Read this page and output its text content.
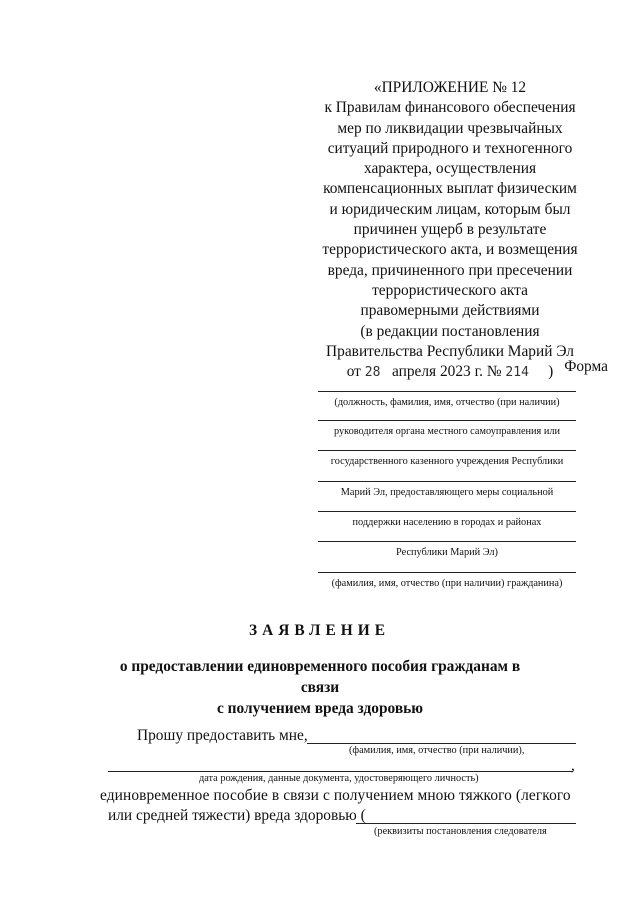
«ПРИЛОЖЕНИЕ № 12
к Правилам финансового обеспечения
мер по ликвидации чрезвычайных
ситуаций природного и техногенного
характера, осуществления
компенсационных выплат физическим
и юридическим лицам, которым был
причинен ущерб в результате
террористического акта, и возмещения
вреда, причиненного при пресечении
террористического акта
правомерными действиями
(в редакции постановления
Правительства Республики Марий Эл
от 28 апреля 2023 г. № 214 ) Форма
(должность, фамилия, имя, отчество (при наличии)
руководителя органа местного самоуправления или
государственного казенного учреждения Республики
Марий Эл, предоставляющего меры социальной
поддержки населению в городах и районах
Республики Марий Эл)
(фамилия, имя, отчество (при наличии) гражданина)
ЗАЯВЛЕНИЕ
о предоставлении единовременного пособия гражданам в связи
с получением вреда здоровью
Прошу предоставить мне,
(фамилия, имя, отчество (при наличии),
,
дата рождения, данные документа, удостоверяющего личность)
единовременное пособие в связи с получением мною тяжкого (легкого
или средней тяжести) вреда здоровью (
(реквизиты постановления следователя
